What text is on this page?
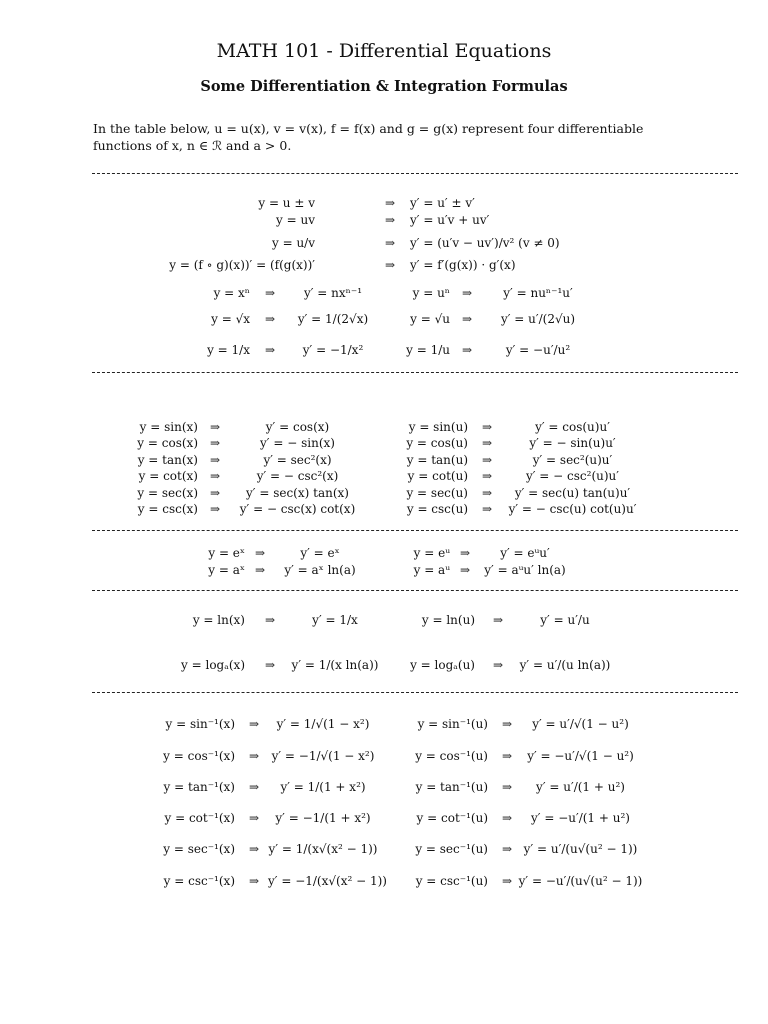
MATH 101 - Differential Equations
Some Differentiation & Integration Formulas
In the table below, u = u(x), v = v(x), f = f(x) and g = g(x) represent four differentiable
functions of x, n ∈ ℛ and a > 0.
y = u ± v	⇒	y′ = u′ ± v′
y = uv	⇒	y′ = u′v + uv′
y = u/v	⇒	y′ = (u′v − uv′)/v² (v ≠ 0)
y = (f ∘ g)(x))′ = (f(g(x))′	⇒	y′ = f′(g(x)) · g′(x)
y = xⁿ	⇒	y′ = nxⁿ⁻¹	y = uⁿ ⇒	y′ = nuⁿ⁻¹u′
y = √x	⇒	y′ = 1/(2√x)	y = √u ⇒	y′ = u′/(2√u)
y = 1/x	⇒	y′ = −1/x²	y = 1/u ⇒	y′ = −u′/u²
y = sin(x) ⇒	y′ = cos(x)	y = sin(u)	⇒	y′ = cos(u)u′
y = cos(x) ⇒	y′ = − sin(x)	y = cos(u)	⇒	y′ = − sin(u)u′
y = tan(x) ⇒	y′ = sec²(x)	y = tan(u)	⇒	y′ = sec²(u)u′
y = cot(x) ⇒	y′ = − csc²(x)	y = cot(u)	⇒	y′ = − csc²(u)u′
y = sec(x) ⇒	y′ = sec(x) tan(x)	y = sec(u)	⇒	y′ = sec(u) tan(u)u′
y = csc(x) ⇒	y′ = − csc(x) cot(x)	y = csc(u)	⇒	y′ = − csc(u) cot(u)u′
y = eˣ ⇒	y′ = eˣ	y = eᵘ ⇒	y′ = eᵘu′
y = aˣ ⇒	y′ = aˣ ln(a)	y = aᵘ ⇒	y′ = aᵘu′ ln(a)
y = ln(x)	⇒	y′ = 1/x	y = ln(u)	⇒	y′ = u′/u
y = logₐ(x)	⇒	y′ = 1/(x ln(a))	y = logₐ(u)	⇒	y′ = u′/(u ln(a))
y = sin⁻¹(x)	⇒	y′ = 1/√(1 − x²)	y = sin⁻¹(u)	⇒	y′ = u′/√(1 − u²)
y = cos⁻¹(x)	⇒	y′ = −1/√(1 − x²)	y = cos⁻¹(u)	⇒	y′ = −u′/√(1 − u²)
y = tan⁻¹(x)	⇒	y′ = 1/(1 + x²)	y = tan⁻¹(u)	⇒	y′ = u′/(1 + u²)
y = cot⁻¹(x)	⇒	y′ = −1/(1 + x²)	y = cot⁻¹(u)	⇒	y′ = −u′/(1 + u²)
y = sec⁻¹(x)	⇒ y′ = 1/(x√(x² − 1))	y = sec⁻¹(u)	⇒ y′ = u′/(u√(u² − 1))
y = csc⁻¹(x)	⇒ y′ = −1/(x√(x² − 1))	y = csc⁻¹(u)	⇒ y′ = −u′/(u√(u² − 1))
